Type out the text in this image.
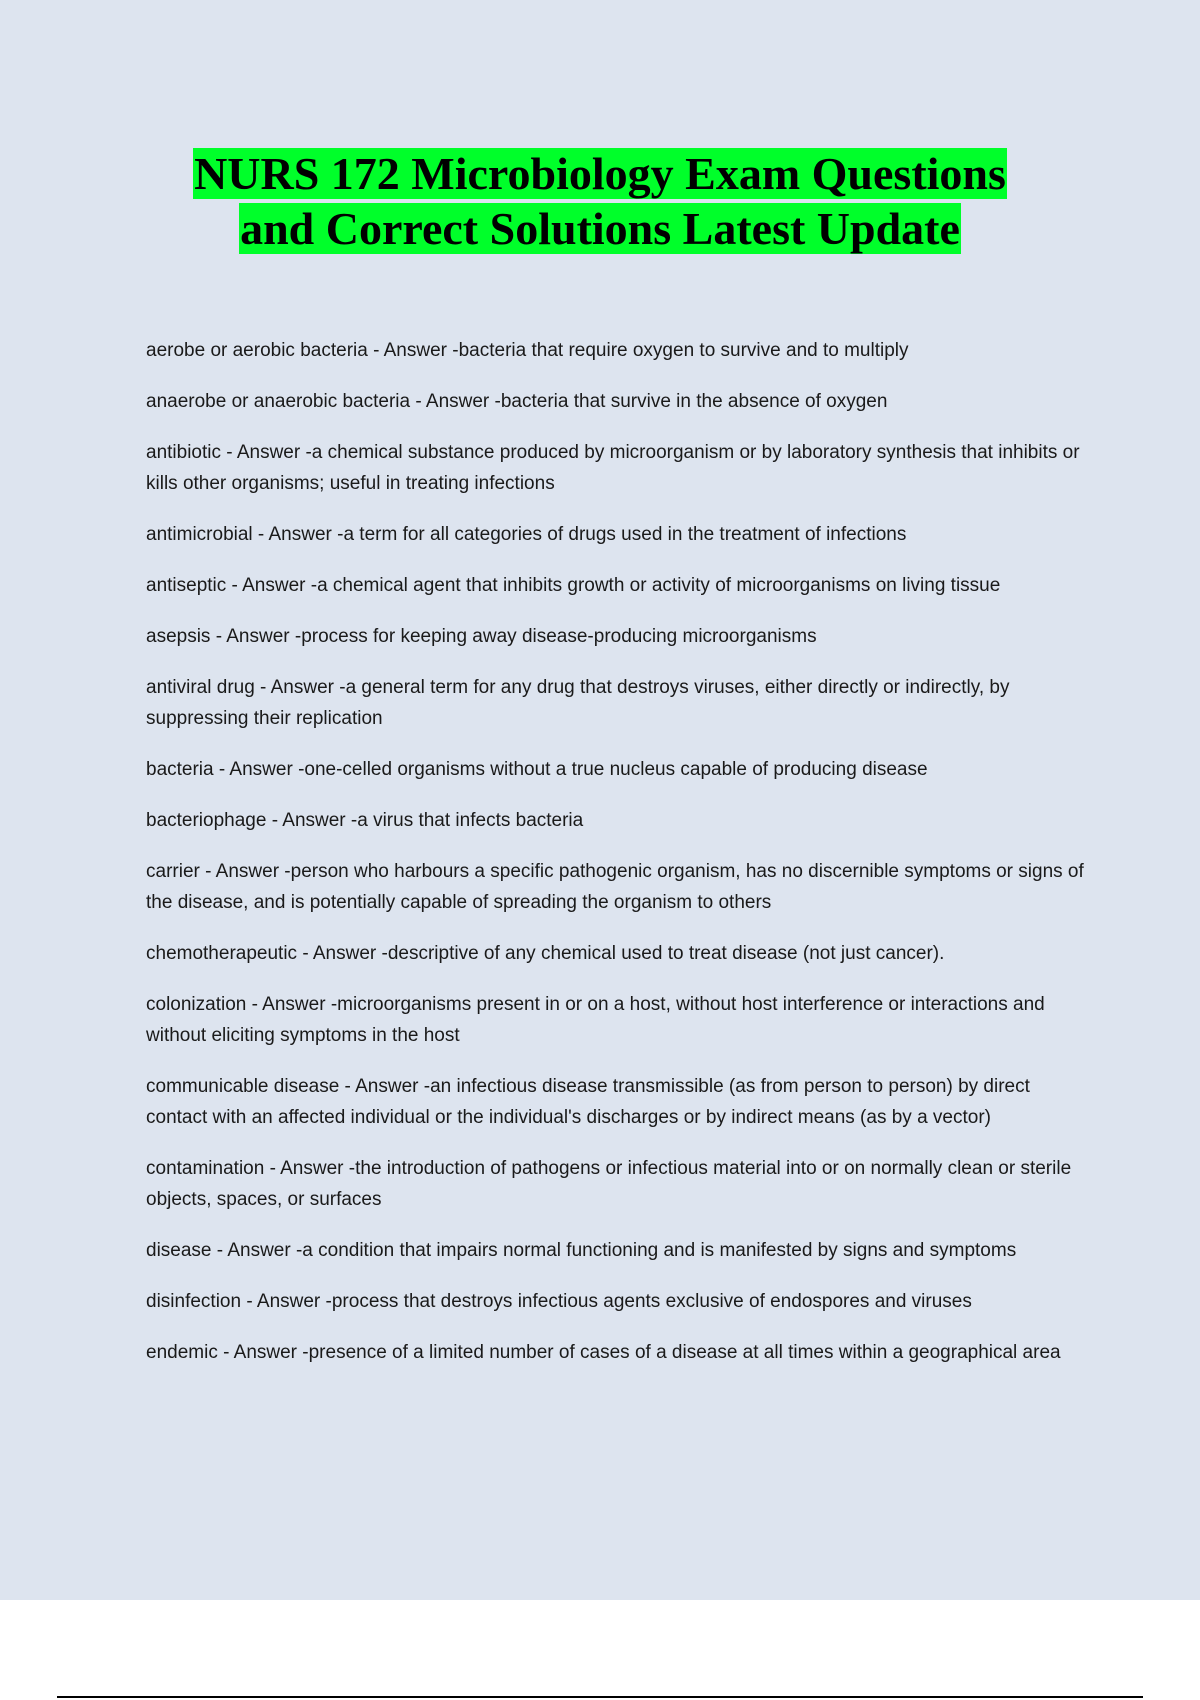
NURS 172 Microbiology Exam Questions
and Correct Solutions Latest Update

aerobe or aerobic bacteria - Answer -bacteria that require oxygen to survive and to multiply

anaerobe or anaerobic bacteria - Answer -bacteria that survive in the absence of oxygen

antibiotic - Answer -a chemical substance produced by microorganism or by laboratory synthesis that inhibits or kills other organisms; useful in treating infections

antimicrobial - Answer -a term for all categories of drugs used in the treatment of infections

antiseptic - Answer -a chemical agent that inhibits growth or activity of microorganisms on living tissue

asepsis - Answer -process for keeping away disease-producing microorganisms

antiviral drug - Answer -a general term for any drug that destroys viruses, either directly or indirectly, by suppressing their replication

bacteria - Answer -one-celled organisms without a true nucleus capable of producing disease

bacteriophage - Answer -a virus that infects bacteria

carrier - Answer -person who harbours a specific pathogenic organism, has no discernible symptoms or signs of the disease, and is potentially capable of spreading the organism to others

chemotherapeutic - Answer -descriptive of any chemical used to treat disease (not just cancer).

colonization - Answer -microorganisms present in or on a host, without host interference or interactions and without eliciting symptoms in the host

communicable disease - Answer -an infectious disease transmissible (as from person to person) by direct contact with an affected individual or the individual's discharges or by indirect means (as by a vector)

contamination - Answer -the introduction of pathogens or infectious material into or on normally clean or sterile objects, spaces, or surfaces

disease - Answer -a condition that impairs normal functioning and is manifested by signs and symptoms

disinfection - Answer -process that destroys infectious agents exclusive of endospores and viruses

endemic - Answer -presence of a limited number of cases of a disease at all times within a geographical area
